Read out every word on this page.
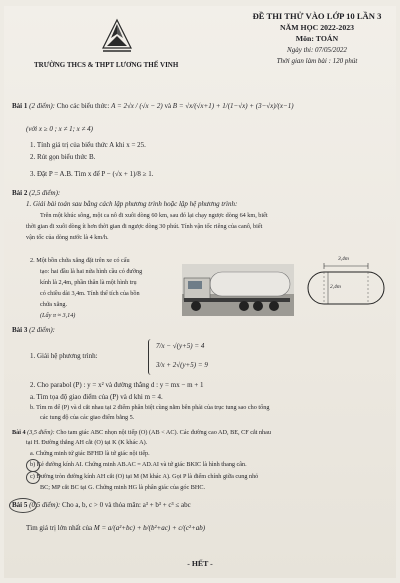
TRƯỜNG THCS & THPT LƯƠNG THẾ VINH
ĐỀ THI THỬ VÀO LỚP 10 LẦN 3
NĂM HỌC 2022-2023
Môn: TOÁN
Ngày thi: 07/05/2022
Thời gian làm bài : 120 phút
Bài 1 (2 điểm): Cho các biểu thức: A = 2√x / (√x − 2) và B = √x/(√x+1) + 1/(1−√x) + (3−√x)/(x−1)
(với x ≥ 0 ; x ≠ 1; x ≠ 4)
1. Tính giá trị của biểu thức A khi x = 25.
2. Rút gọn biểu thức B.
3. Đặt P = A.B. Tìm x để P − (√x + 1)/8 ≥ 1.
Bài 2 (2,5 điểm):
1. Giải bài toán sau bằng cách lập phương trình hoặc lập hệ phương trình:
Trên một khúc sông, một ca nô đi xuôi dòng 60 km, sau đó lại chạy ngược dòng 64 km, biết
thời gian đi xuôi dòng ít hơn thời gian đi ngược dòng 30 phút. Tính vận tốc riêng của canô, biết
vận tốc của dòng nước là 4 km/h.
2. Một bồn chứa xăng đặt trên xe có cấu
tạo: hai đầu là hai nửa hình cầu có đường
kính là 2,4m, phần thân là một hình trụ
có chiều dài 3,4m. Tính thể tích của bồn
chứa xăng.
(Lấy π ≈ 3,14)
3,4m
2,4m
Bài 3 (2 điểm):
1. Giải hệ phương trình:
7/x − √(y+5) = 4
3/x + 2√(y+5) = 9
2. Cho parabol (P) : y = x² và đường thẳng d : y = mx − m + 1
a. Tìm tọa độ giao điểm của (P) và d khi m = 4.
b. Tìm m để (P) và d cắt nhau tại 2 điểm phân biệt cùng nằm bên phải của trục tung sao cho tổng
các tung độ của các giao điểm bằng 5.
Bài 4 (3,5 điểm): Cho tam giác ABC nhọn nội tiếp (O) (AB < AC). Các đường cao AD, BE, CF cắt nhau
tại H. Đường thẳng AH cắt (O) tại K (K khác A).
a. Chứng minh tứ giác BFHD là tứ giác nội tiếp.
b) Kẻ đường kính AI. Chứng minh AB.AC = AD.AI và tứ giác BKIC là hình thang cân.
c) Đường tròn đường kính AH cắt (O) tại M (M khác A). Gọi P là điểm chính giữa cung nhỏ
BC; MP cắt BC tại G. Chứng minh HG là phân giác của góc BHC.
Bài 5 (0,5 điểm): Cho a, b, c > 0 và thỏa mãn: a³ + b³ + c³ ≤ abc
Tìm giá trị lớn nhất của M = a/(a²+bc) + b/(b²+ac) + c/(c²+ab)
- HẾT -
